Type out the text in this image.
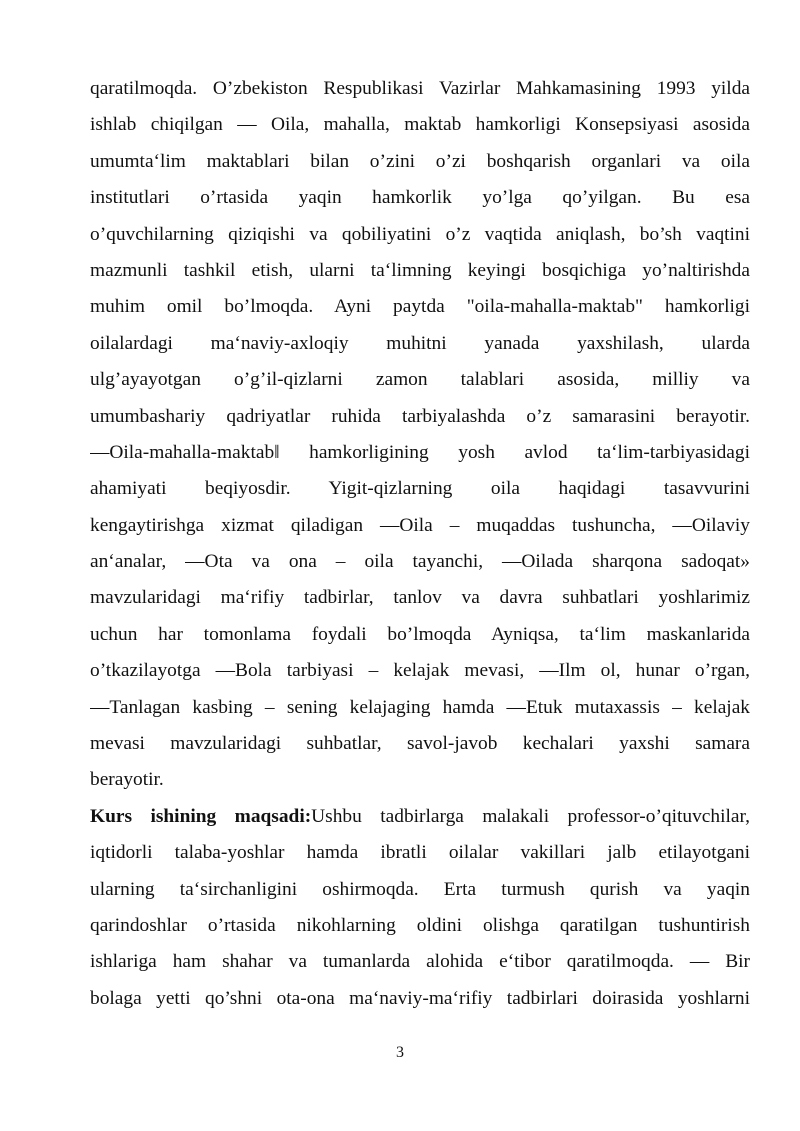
qaratilmoqda. O’zbekiston Respublikasi Vazirlar Mahkamasining 1993 yilda
ishlab chiqilgan — Oila, mahalla, maktab hamkorligi Konsepsiyasi asosida
umumta‘lim maktablari bilan o’zini o’zi boshqarish organlari va oila
institutlari o’rtasida yaqin hamkorlik yo’lga qo’yilgan. Bu esa
o’quvchilarning qiziqishi va qobiliyatini o’z vaqtida aniqlash, bo’sh vaqtini
mazmunli tashkil etish, ularni ta‘limning keyingi bosqichiga yo’naltirishda
muhim omil bo’lmoqda. Ayni paytda "oila-mahalla-maktab" hamkorligi
oilalardagi ma‘naviy-axloqiy muhitni yanada yaxshilash, ularda
ulg’ayayotgan o’g’il-qizlarni zamon talablari asosida, milliy va
umumbashariy qadriyatlar ruhida tarbiyalashda o’z samarasini berayotir.
—Oila-mahalla-maktab‖ hamkorligining yosh avlod ta‘lim-tarbiyasidagi
ahamiyati beqiyosdir. Yigit-qizlarning oila haqidagi tasavvurini
kengaytirishga xizmat qiladigan —Oila – muqaddas tushuncha, —Oilaviy
an‘analar, —Ota va ona – oila tayanchi, —Oilada sharqona sadoqat»
mavzularidagi ma‘rifiy tadbirlar, tanlov va davra suhbatlari yoshlarimiz
uchun har tomonlama foydali bo’lmoqda Ayniqsa, ta‘lim maskanlarida
o’tkazilayotga —Bola tarbiyasi – kelajak mevasi, —Ilm ol, hunar o’rgan,
—Tanlagan kasbing – sening kelajaging hamda —Etuk mutaxassis – kelajak
mevasi mavzularidagi suhbatlar, savol-javob kechalari yaxshi samara
berayotir.
Kurs ishining maqsadi:Ushbu tadbirlarga malakali professor-o’qituvchilar,
iqtidorli talaba-yoshlar hamda ibratli oilalar vakillari jalb etilayotgani
ularning ta‘sirchanligini oshirmoqda. Erta turmush qurish va yaqin
qarindoshlar o’rtasida nikohlarning oldini olishga qaratilgan tushuntirish
ishlariga ham shahar va tumanlarda alohida e‘tibor qaratilmoqda. — Bir
bolaga yetti qo’shni ota-ona ma‘naviy-ma‘rifiy tadbirlari doirasida yoshlarni
3
